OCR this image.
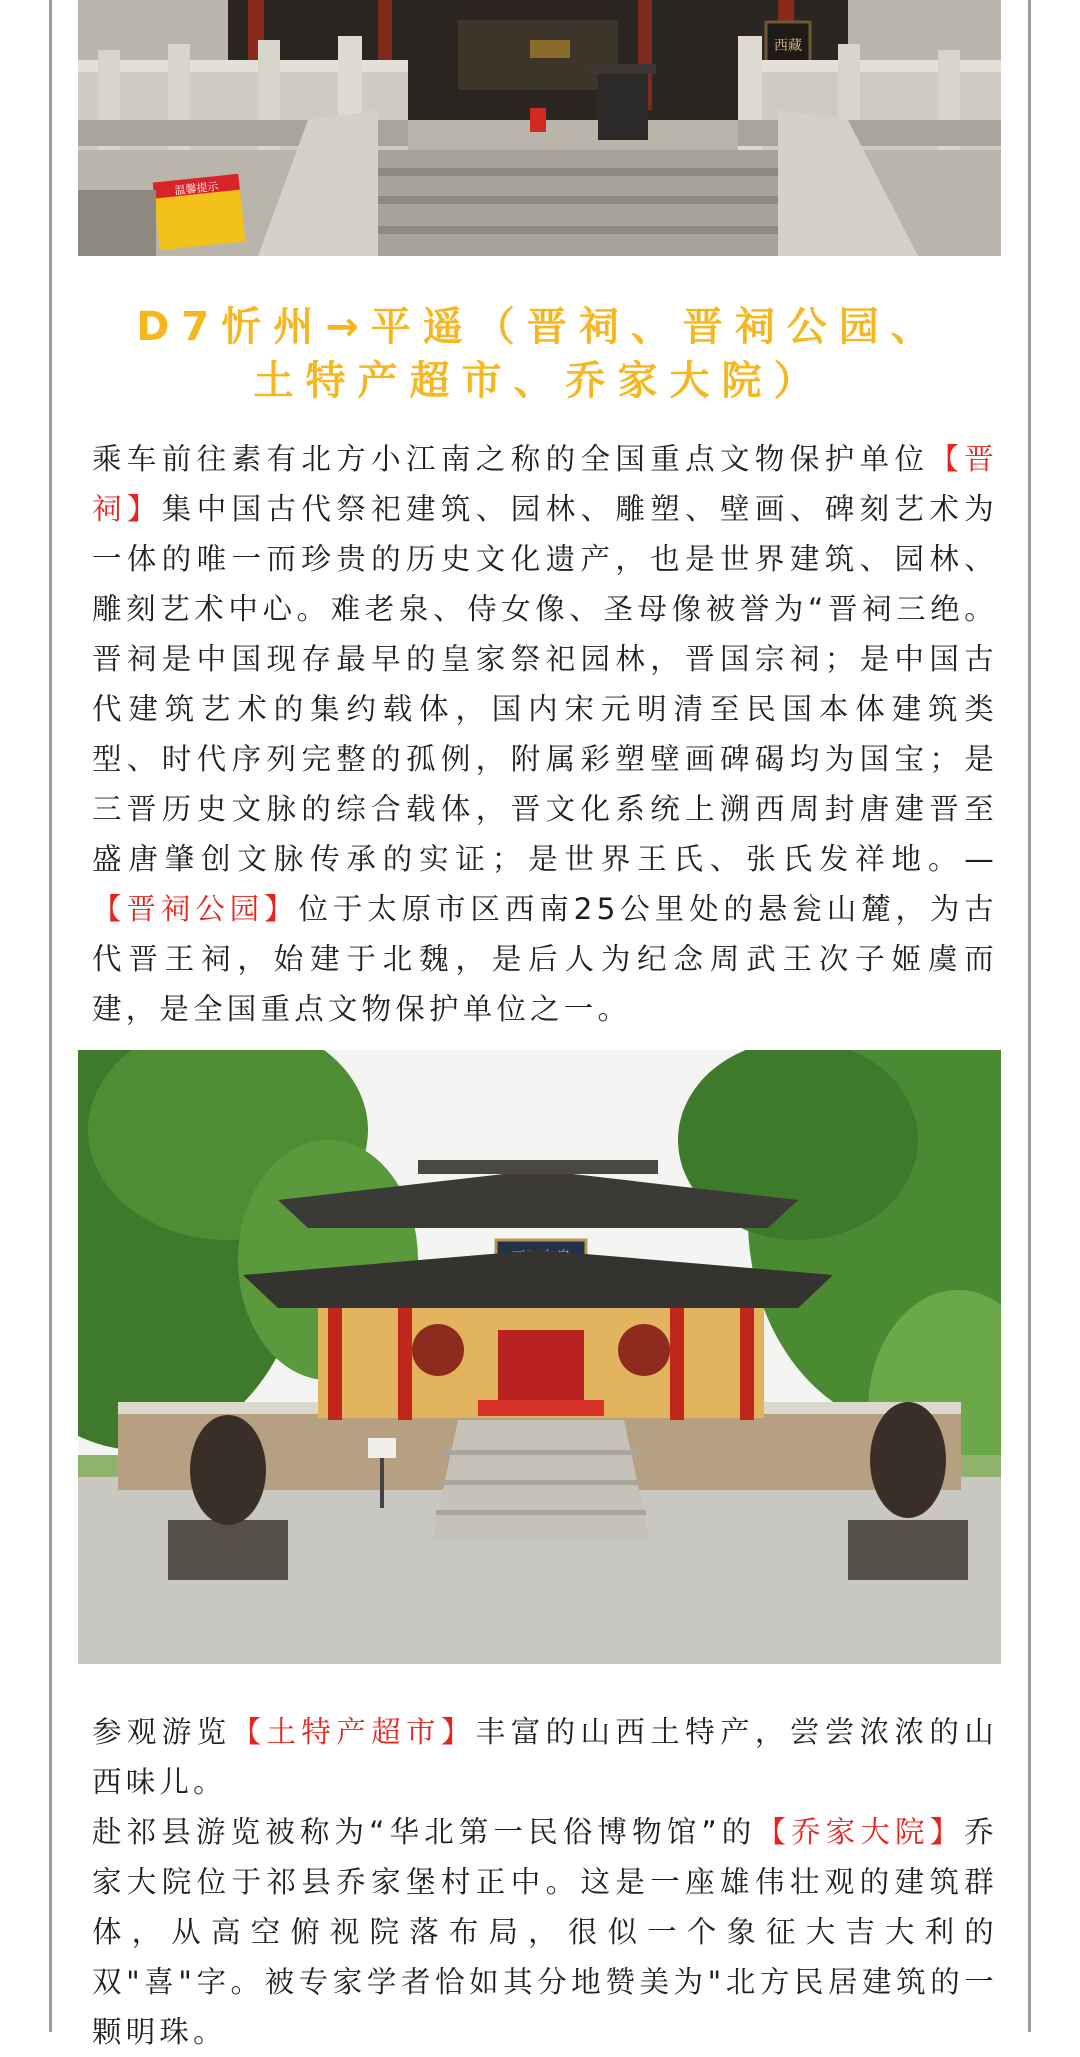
西藏
温馨提示
D7忻州→平遥（晋祠、晋祠公园、
土特产超市、乔家大院）
乘车前往素有北方小江南之称的全国重点文物保护单位【晋祠】集中国古代祭祀建筑、园林、雕塑、壁画、碑刻艺术为一体的唯一而珍贵的历史文化遗产，也是世界建筑、园林、雕刻艺术中心。难老泉、侍女像、圣母像被誉为“晋祠三绝。晋祠是中国现存最早的皇家祭祀园林，晋国宗祠；是中国古代建筑艺术的集约载体，国内宋元明清至民国本体建筑类型、时代序列完整的孤例，附属彩塑壁画碑碣均为国宝；是三晋历史文脉的综合载体，晋文化系统上溯西周封唐建晋至盛唐肇创文脉传承的实证；是世界王氏、张氏发祥地。—【晋祠公园】位于太原市区西南25公里处的悬瓮山麓，为古代晋王祠，始建于北魏，是后人为纪念周武王次子姬虞而建，是全国重点文物保护单位之一。
参观游览【土特产超市】丰富的山西土特产，尝尝浓浓的山西味儿。
赴祁县游览被称为“华北第一民俗博物馆”的【乔家大院】乔家大院位于祁县乔家堡村正中。这是一座雄伟壮观的建筑群体，从高空俯视院落布局，很似一个象征大吉大利的双"喜"字。被专家学者恰如其分地赞美为"北方民居建筑的一颗明珠。
